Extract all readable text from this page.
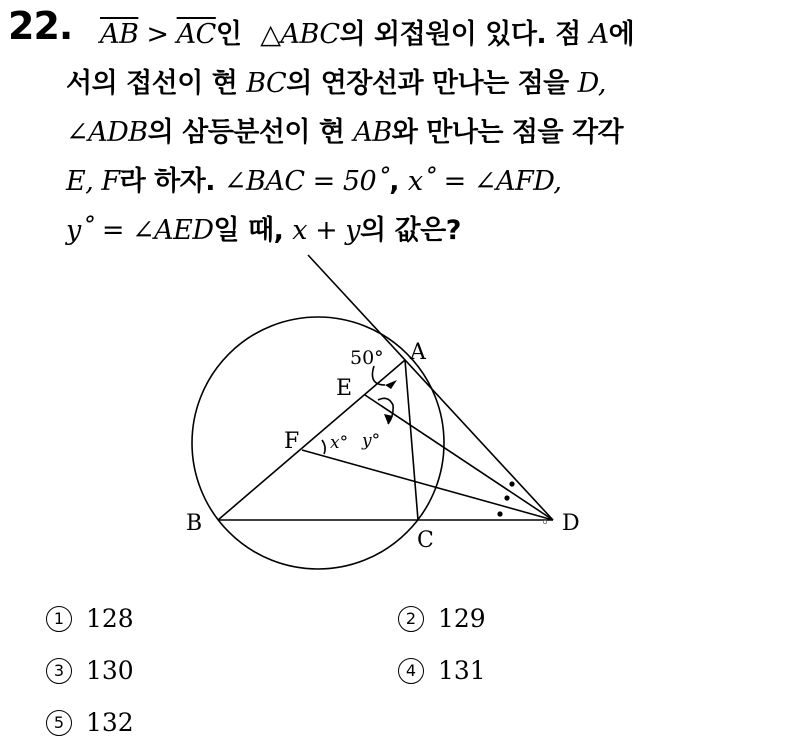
22. $\overline{AB} > \overline{AC}$인 △ABC의 외접원이 있다. 점 A에
서의 접선이 현 BC의 연장선과 만나는 점을 D,
∠ADB의 삼등분선이 현 AB와 만나는 점을 각각
E, F라 하자. ∠BAC = 50˚, x˚ = ∠AFD,
y˚ = ∠AED일 때, x + y의 값은?
A
B
C
D
E
F
50°
x° y°
1 128	2 129
3 130	4 131
5 132
